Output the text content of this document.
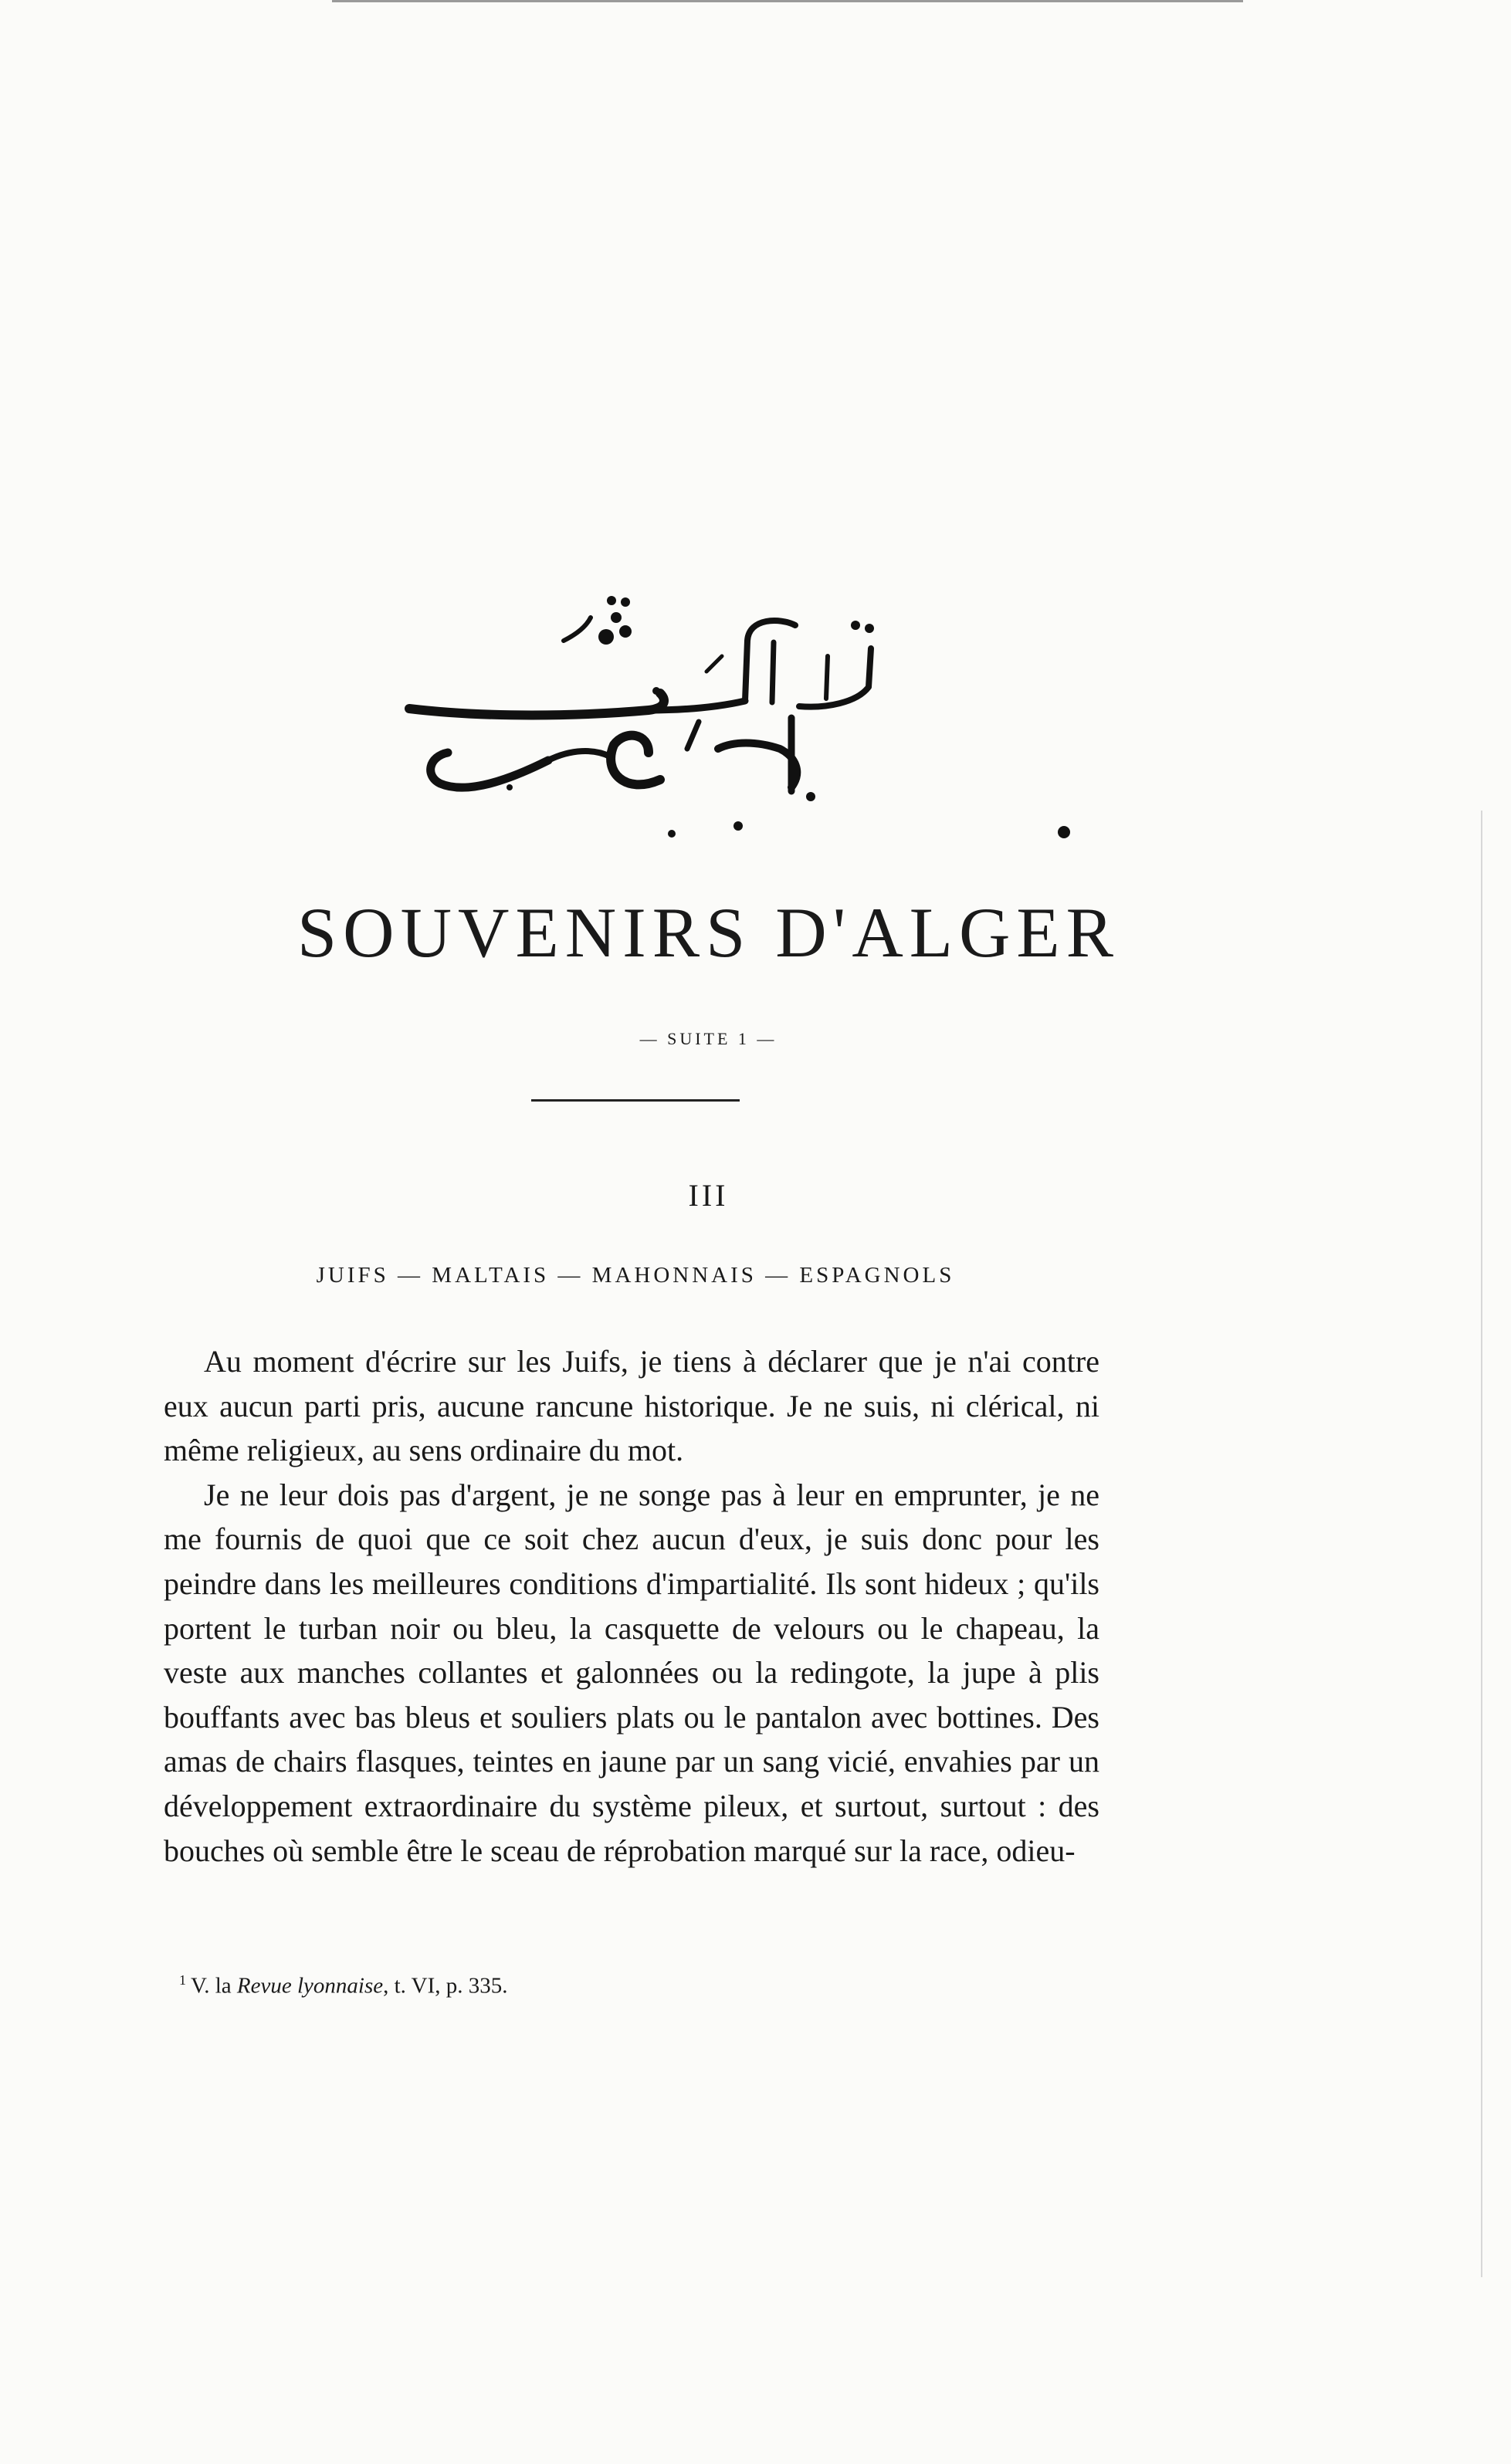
SOUVENIRS D'ALGER
— SUITE 1 —
III
JUIFS — MALTAIS — MAHONNAIS — ESPAGNOLS

Au moment d'écrire sur les Juifs, je tiens à déclarer que je n'ai contre eux aucun parti pris, aucune rancune historique. Je ne suis, ni clérical, ni même religieux, au sens ordinaire du mot.

Je ne leur dois pas d'argent, je ne songe pas à leur en emprunter, je ne me fournis de quoi que ce soit chez aucun d'eux, je suis donc pour les peindre dans les meilleures conditions d'impartialité. Ils sont hideux ; qu'ils portent le turban noir ou bleu, la casquette de velours ou le chapeau, la veste aux manches collantes et galonnées ou la redingote, la jupe à plis bouffants avec bas bleus et souliers plats ou le pantalon avec bottines. Des amas de chairs flasques, teintes en jaune par un sang vicié, envahies par un développement extraordinaire du système pileux, et surtout, surtout : des bouches où semble être le sceau de réprobation marqué sur la race, odieu-

$^1$ V. la Revue lyonnaise, t. VI, p. 335.
